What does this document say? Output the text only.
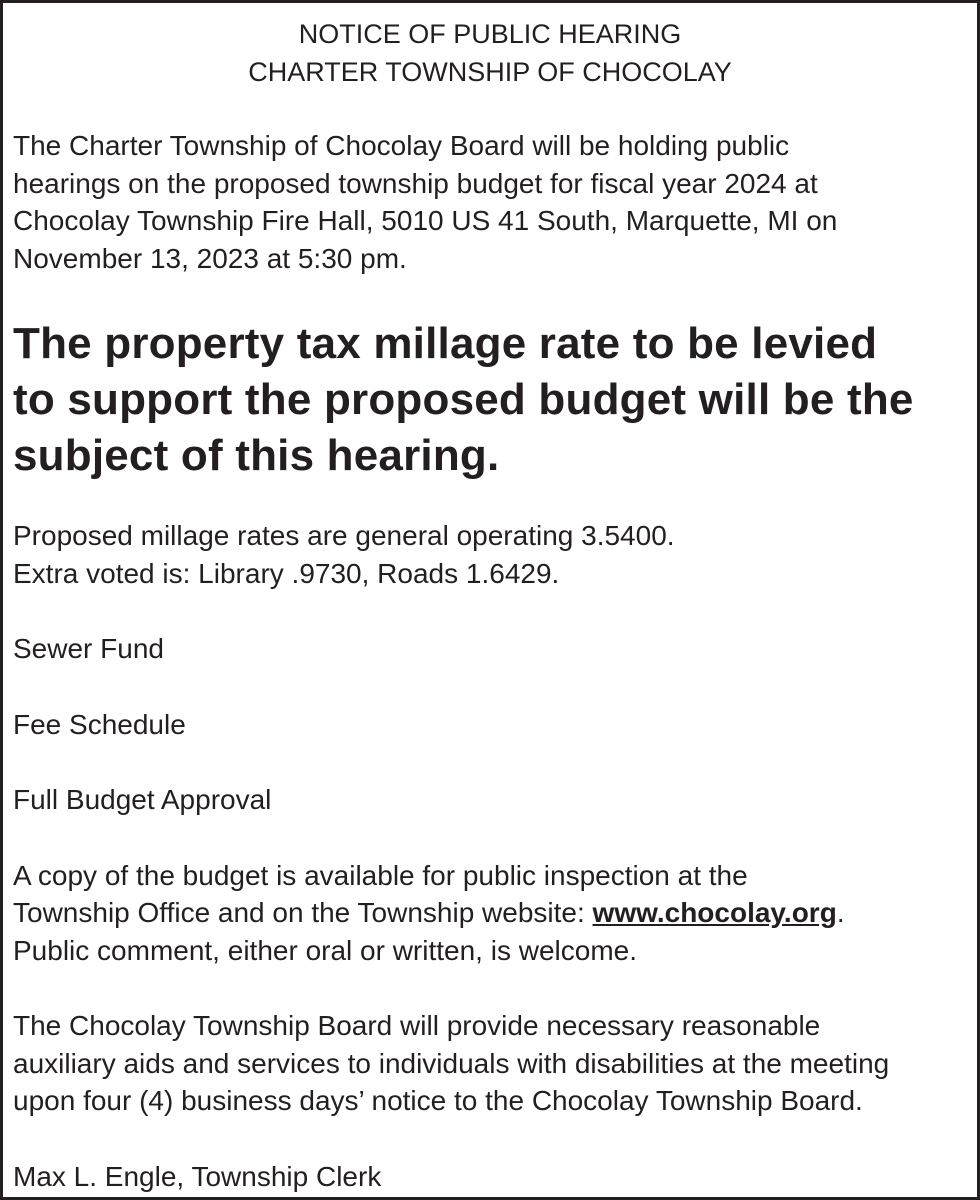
NOTICE OF PUBLIC HEARING
CHARTER TOWNSHIP OF CHOCOLAY

The Charter Township of Chocolay Board will be holding public
hearings on the proposed township budget for fiscal year 2024 at
Chocolay Township Fire Hall, 5010 US 41 South, Marquette, MI on
November 13, 2023 at 5:30 pm.

The property tax millage rate to be levied
to support the proposed budget will be the
subject of this hearing.

Proposed millage rates are general operating 3.5400.
Extra voted is: Library .9730, Roads 1.6429.

Sewer Fund

Fee Schedule

Full Budget Approval

A copy of the budget is available for public inspection at the
Township Office and on the Township website: www.chocolay.org.
Public comment, either oral or written, is welcome.

The Chocolay Township Board will provide necessary reasonable
auxiliary aids and services to individuals with disabilities at the meeting
upon four (4) business days’ notice to the Chocolay Township Board.

Max L. Engle, Township Clerk
